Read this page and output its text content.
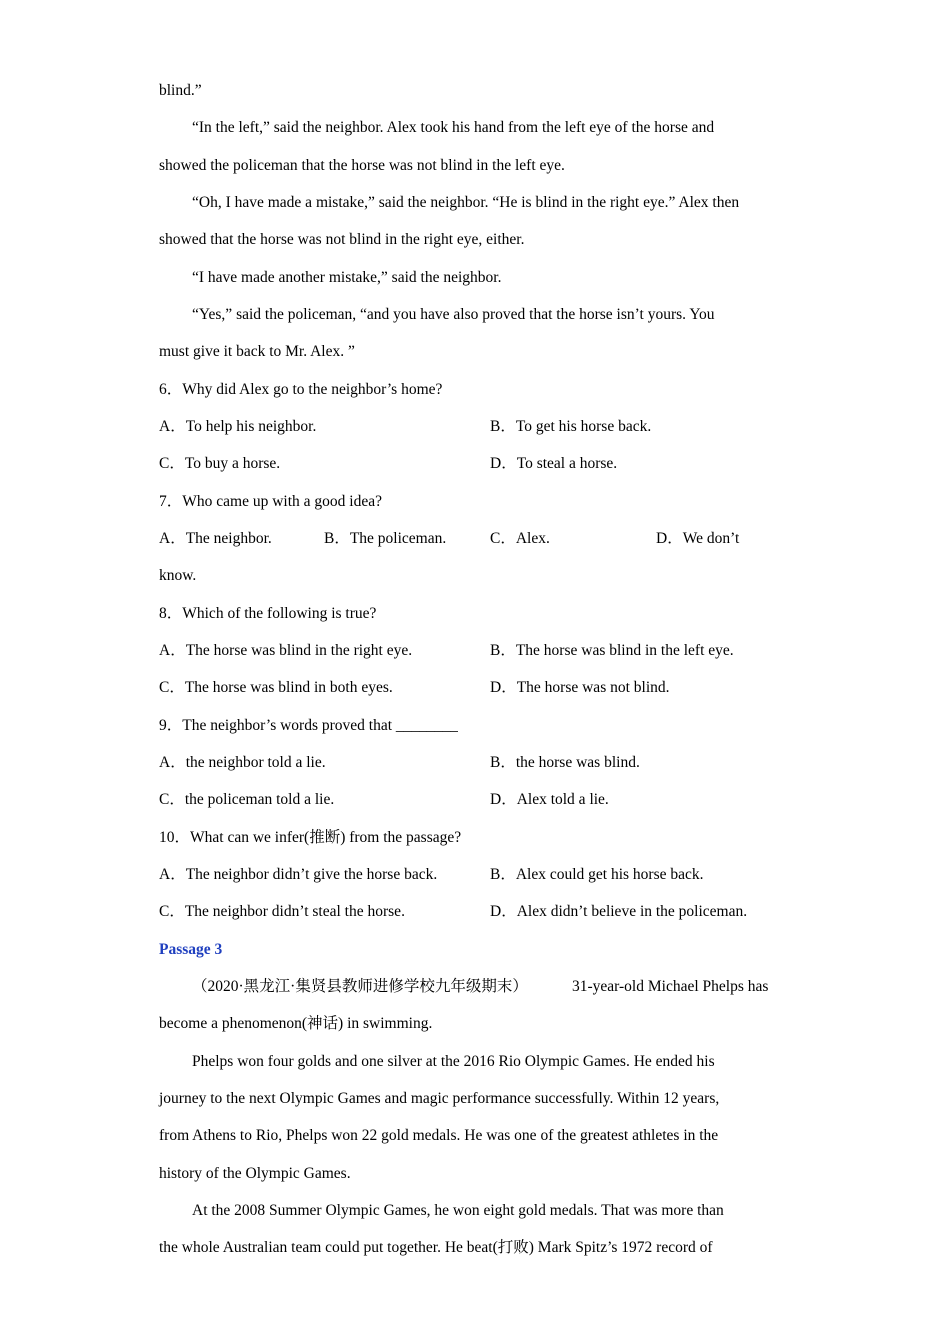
blind.”
“In the left,” said the neighbor. Alex took his hand from the left eye of the horse and
showed the policeman that the horse was not blind in the left eye.
“Oh, I have made a mistake,” said the neighbor. “He is blind in the right eye.” Alex then
showed that the horse was not blind in the right eye, either.
“I have made another mistake,” said the neighbor.
“Yes,” said the policeman, “and you have also proved that the horse isn’t yours. You
must give it back to Mr. Alex. ”
6．Why did Alex go to the neighbor’s home?
A．To help his neighbor.	B．To get his horse back.
C．To buy a horse.	D．To steal a horse.
7．Who came up with a good idea?
A．The neighbor.	B．The policeman.	C．Alex.	D．We don’t
know.
8．Which of the following is true?
A．The horse was blind in the right eye.	B．The horse was blind in the left eye.
C．The horse was blind in both eyes.	D．The horse was not blind.
9．The neighbor’s words proved that ________
A．the neighbor told a lie.	B．the horse was blind.
C．the policeman told a lie.	D．Alex told a lie.
10．What can we infer(推断) from the passage?
A．The neighbor didn’t give the horse back.	B．Alex could get his horse back.
C．The neighbor didn’t steal the horse.	D．Alex didn’t believe in the policeman.
Passage 3
（2020·黑龙江·集贤县教师进修学校九年级期末）	31-year-old Michael Phelps has
become a phenomenon(神话) in swimming.
Phelps won four golds and one silver at the 2016 Rio Olympic Games. He ended his
journey to the next Olympic Games and magic performance successfully. Within 12 years,
from Athens to Rio, Phelps won 22 gold medals. He was one of the greatest athletes in the
history of the Olympic Games.
At the 2008 Summer Olympic Games, he won eight gold medals. That was more than
the whole Australian team could put together. He beat(打败) Mark Spitz’s 1972 record of
